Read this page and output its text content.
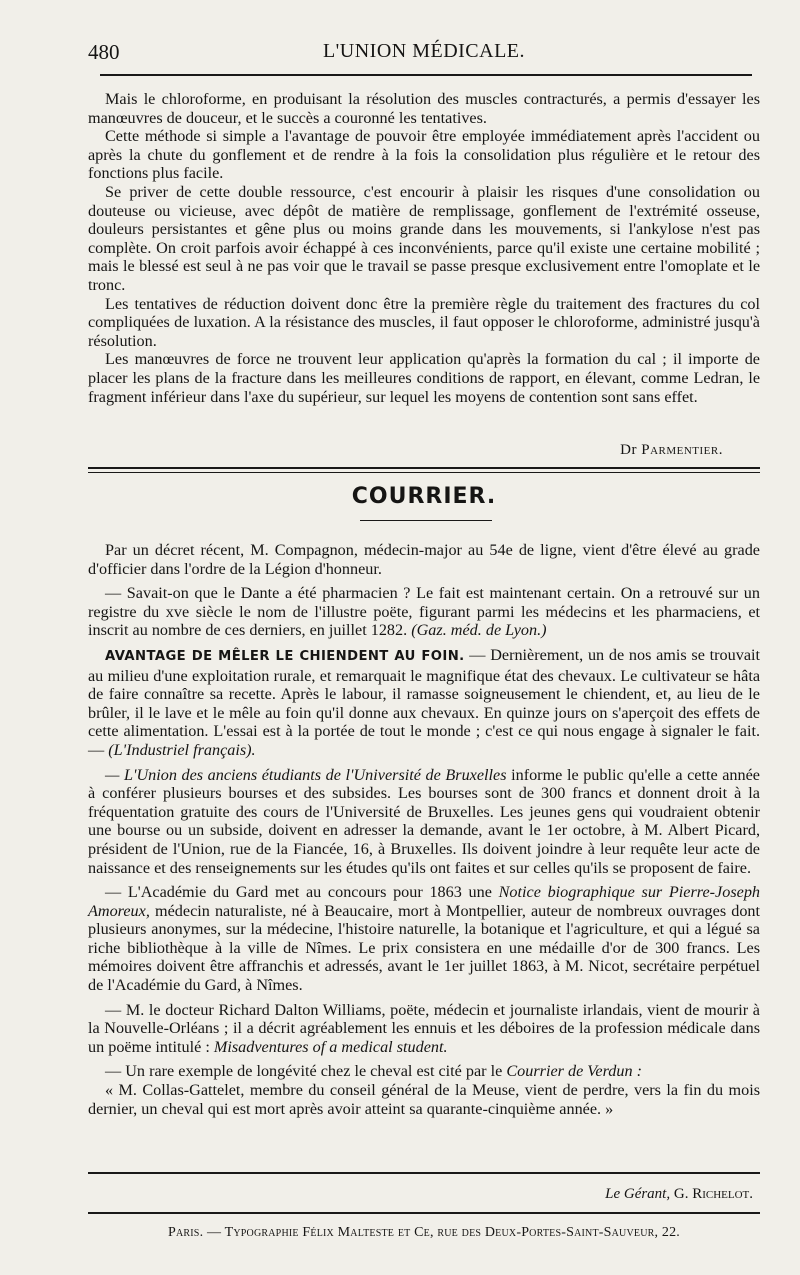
480	L'UNION MÉDICALE.

Mais le chloroforme, en produisant la résolution des muscles contracturés, a permis d'essayer les manœuvres de douceur, et le succès a couronné les tentatives.

Cette méthode si simple a l'avantage de pouvoir être employée immédiatement après l'accident ou après la chute du gonflement et de rendre à la fois la consolidation plus régulière et le retour des fonctions plus facile.

Se priver de cette double ressource, c'est encourir à plaisir les risques d'une consolidation ou douteuse ou vicieuse, avec dépôt de matière de remplissage, gonflement de l'extrémité osseuse, douleurs persistantes et gêne plus ou moins grande dans les mouvements, si l'ankylose n'est pas complète. On croit parfois avoir échappé à ces inconvénients, parce qu'il existe une certaine mobilité ; mais le blessé est seul à ne pas voir que le travail se passe presque exclusivement entre l'omoplate et le tronc.

Les tentatives de réduction doivent donc être la première règle du traitement des fractures du col compliquées de luxation. A la résistance des muscles, il faut opposer le chloroforme, administré jusqu'à résolution.

Les manœuvres de force ne trouvent leur application qu'après la formation du cal ; il importe de placer les plans de la fracture dans les meilleures conditions de rapport, en élevant, comme Ledran, le fragment inférieur dans l'axe du supérieur, sur lequel les moyens de contention sont sans effet.

Dr Parmentier.
COURRIER.

Par un décret récent, M. Compagnon, médecin-major au 54e de ligne, vient d'être élevé au grade d'officier dans l'ordre de la Légion d'honneur.

— Savait-on que le Dante a été pharmacien ? Le fait est maintenant certain. On a retrouvé sur un registre du xve siècle le nom de l'illustre poëte, figurant parmi les médecins et les pharmaciens, et inscrit au nombre de ces derniers, en juillet 1282. (Gaz. méd. de Lyon.)

AVANTAGE DE MÊLER LE CHIENDENT AU FOIN. — Dernièrement, un de nos amis se trouvait au milieu d'une exploitation rurale, et remarquait le magnifique état des chevaux. Le cultivateur se hâta de faire connaître sa recette. Après le labour, il ramasse soigneusement le chiendent, et, au lieu de le brûler, il le lave et le mêle au foin qu'il donne aux chevaux. En quinze jours on s'aperçoit des effets de cette alimentation. L'essai est à la portée de tout le monde ; c'est ce qui nous engage à signaler le fait. — (L'Industriel français).

— L'Union des anciens étudiants de l'Université de Bruxelles informe le public qu'elle a cette année à conférer plusieurs bourses et des subsides. Les bourses sont de 300 francs et donnent droit à la fréquentation gratuite des cours de l'Université de Bruxelles. Les jeunes gens qui voudraient obtenir une bourse ou un subside, doivent en adresser la demande, avant le 1er octobre, à M. Albert Picard, président de l'Union, rue de la Fiancée, 16, à Bruxelles. Ils doivent joindre à leur requête leur acte de naissance et des renseignements sur les études qu'ils ont faites et sur celles qu'ils se proposent de faire.

— L'Académie du Gard met au concours pour 1863 une Notice biographique sur Pierre-Joseph Amoreux, médecin naturaliste, né à Beaucaire, mort à Montpellier, auteur de nombreux ouvrages dont plusieurs anonymes, sur la médecine, l'histoire naturelle, la botanique et l'agriculture, et qui a légué sa riche bibliothèque à la ville de Nîmes. Le prix consistera en une médaille d'or de 300 francs. Les mémoires doivent être affranchis et adressés, avant le 1er juillet 1863, à M. Nicot, secrétaire perpétuel de l'Académie du Gard, à Nîmes.

— M. le docteur Richard Dalton Williams, poëte, médecin et journaliste irlandais, vient de mourir à la Nouvelle-Orléans ; il a décrit agréablement les ennuis et les déboires de la profession médicale dans un poëme intitulé : Misadventures of a medical student.

— Un rare exemple de longévité chez le cheval est cité par le Courrier de Verdun :

« M. Collas-Gattelet, membre du conseil général de la Meuse, vient de perdre, vers la fin du mois dernier, un cheval qui est mort après avoir atteint sa quarante-cinquième année. »

Le Gérant, G. Richelot.
Paris. — Typographie Félix Malteste et Ce, rue des Deux-Portes-Saint-Sauveur, 22.
